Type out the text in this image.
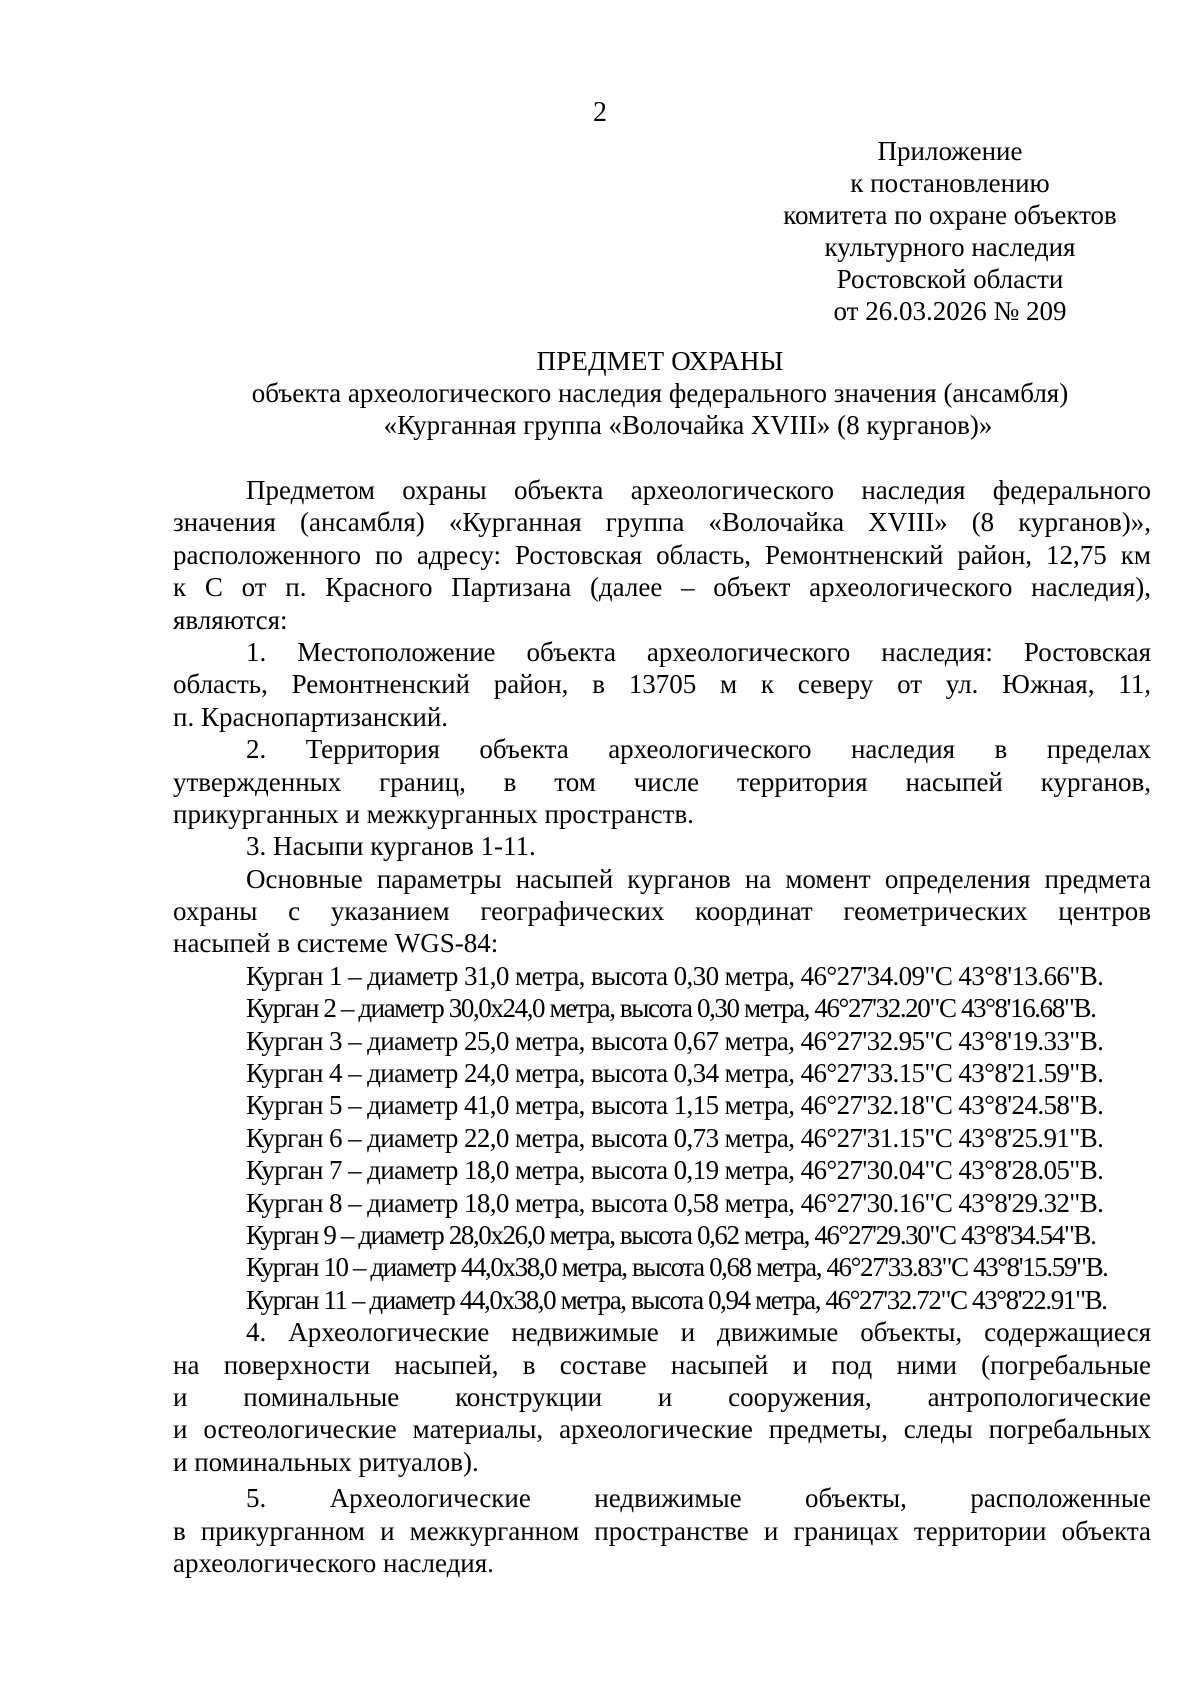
2
Приложение
к постановлению
комитета по охране объектов
культурного наследия
Ростовской области
от 26.03.2026 № 209
ПРЕДМЕТ ОХРАНЫ
объекта археологического наследия федерального значения (ансамбля)
«Курганная группа «Волочайка XVIII» (8 курганов)»
Предметом охраны объекта археологического наследия федерального
значения (ансамбля) «Курганная группа «Волочайка XVIII» (8 курганов)»,
расположенного по адресу: Ростовская область, Ремонтненский район, 12,75 км
к С от п. Красного Партизана (далее – объект археологического наследия),
являются:
1. Местоположение объекта археологического наследия: Ростовская
область, Ремонтненский район, в 13705 м к северу от ул. Южная, 11,
п. Краснопартизанский.
2. Территория объекта археологического наследия в пределах
утвержденных границ, в том числе территория насыпей курганов,
прикурганных и межкурганных пространств.
3. Насыпи курганов 1-11.
Основные параметры насыпей курганов на момент определения предмета
охраны с указанием географических координат геометрических центров
насыпей в системе WGS-84:
Курган 1 – диаметр 31,0 метра, высота 0,30 метра, 46°27'34.09"С 43°8'13.66"В.
Курган 2 – диаметр 30,0х24,0 метра, высота 0,30 метра, 46°27'32.20"С 43°8'16.68"В.
Курган 3 – диаметр 25,0 метра, высота 0,67 метра, 46°27'32.95"С 43°8'19.33"В.
Курган 4 – диаметр 24,0 метра, высота 0,34 метра, 46°27'33.15"С 43°8'21.59"В.
Курган 5 – диаметр 41,0 метра, высота 1,15 метра, 46°27'32.18"С 43°8'24.58"В.
Курган 6 – диаметр 22,0 метра, высота 0,73 метра, 46°27'31.15"С 43°8'25.91"В.
Курган 7 – диаметр 18,0 метра, высота 0,19 метра, 46°27'30.04"С 43°8'28.05"В.
Курган 8 – диаметр 18,0 метра, высота 0,58 метра, 46°27'30.16"С 43°8'29.32"В.
Курган 9 – диаметр 28,0х26,0 метра, высота 0,62 метра, 46°27'29.30"С 43°8'34.54"В.
Курган 10 – диаметр 44,0х38,0 метра, высота 0,68 метра, 46°27'33.83"С 43°8'15.59"В.
Курган 11 – диаметр 44,0х38,0 метра, высота 0,94 метра, 46°27'32.72"С 43°8'22.91"В.
4. Археологические недвижимые и движимые объекты, содержащиеся
на поверхности насыпей, в составе насыпей и под ними (погребальные
и поминальные конструкции и сооружения, антропологические
и остеологические материалы, археологические предметы, следы погребальных
и поминальных ритуалов).
5. Археологические недвижимые объекты, расположенные
в прикурганном и межкурганном пространстве и границах территории объекта
археологического наследия.
